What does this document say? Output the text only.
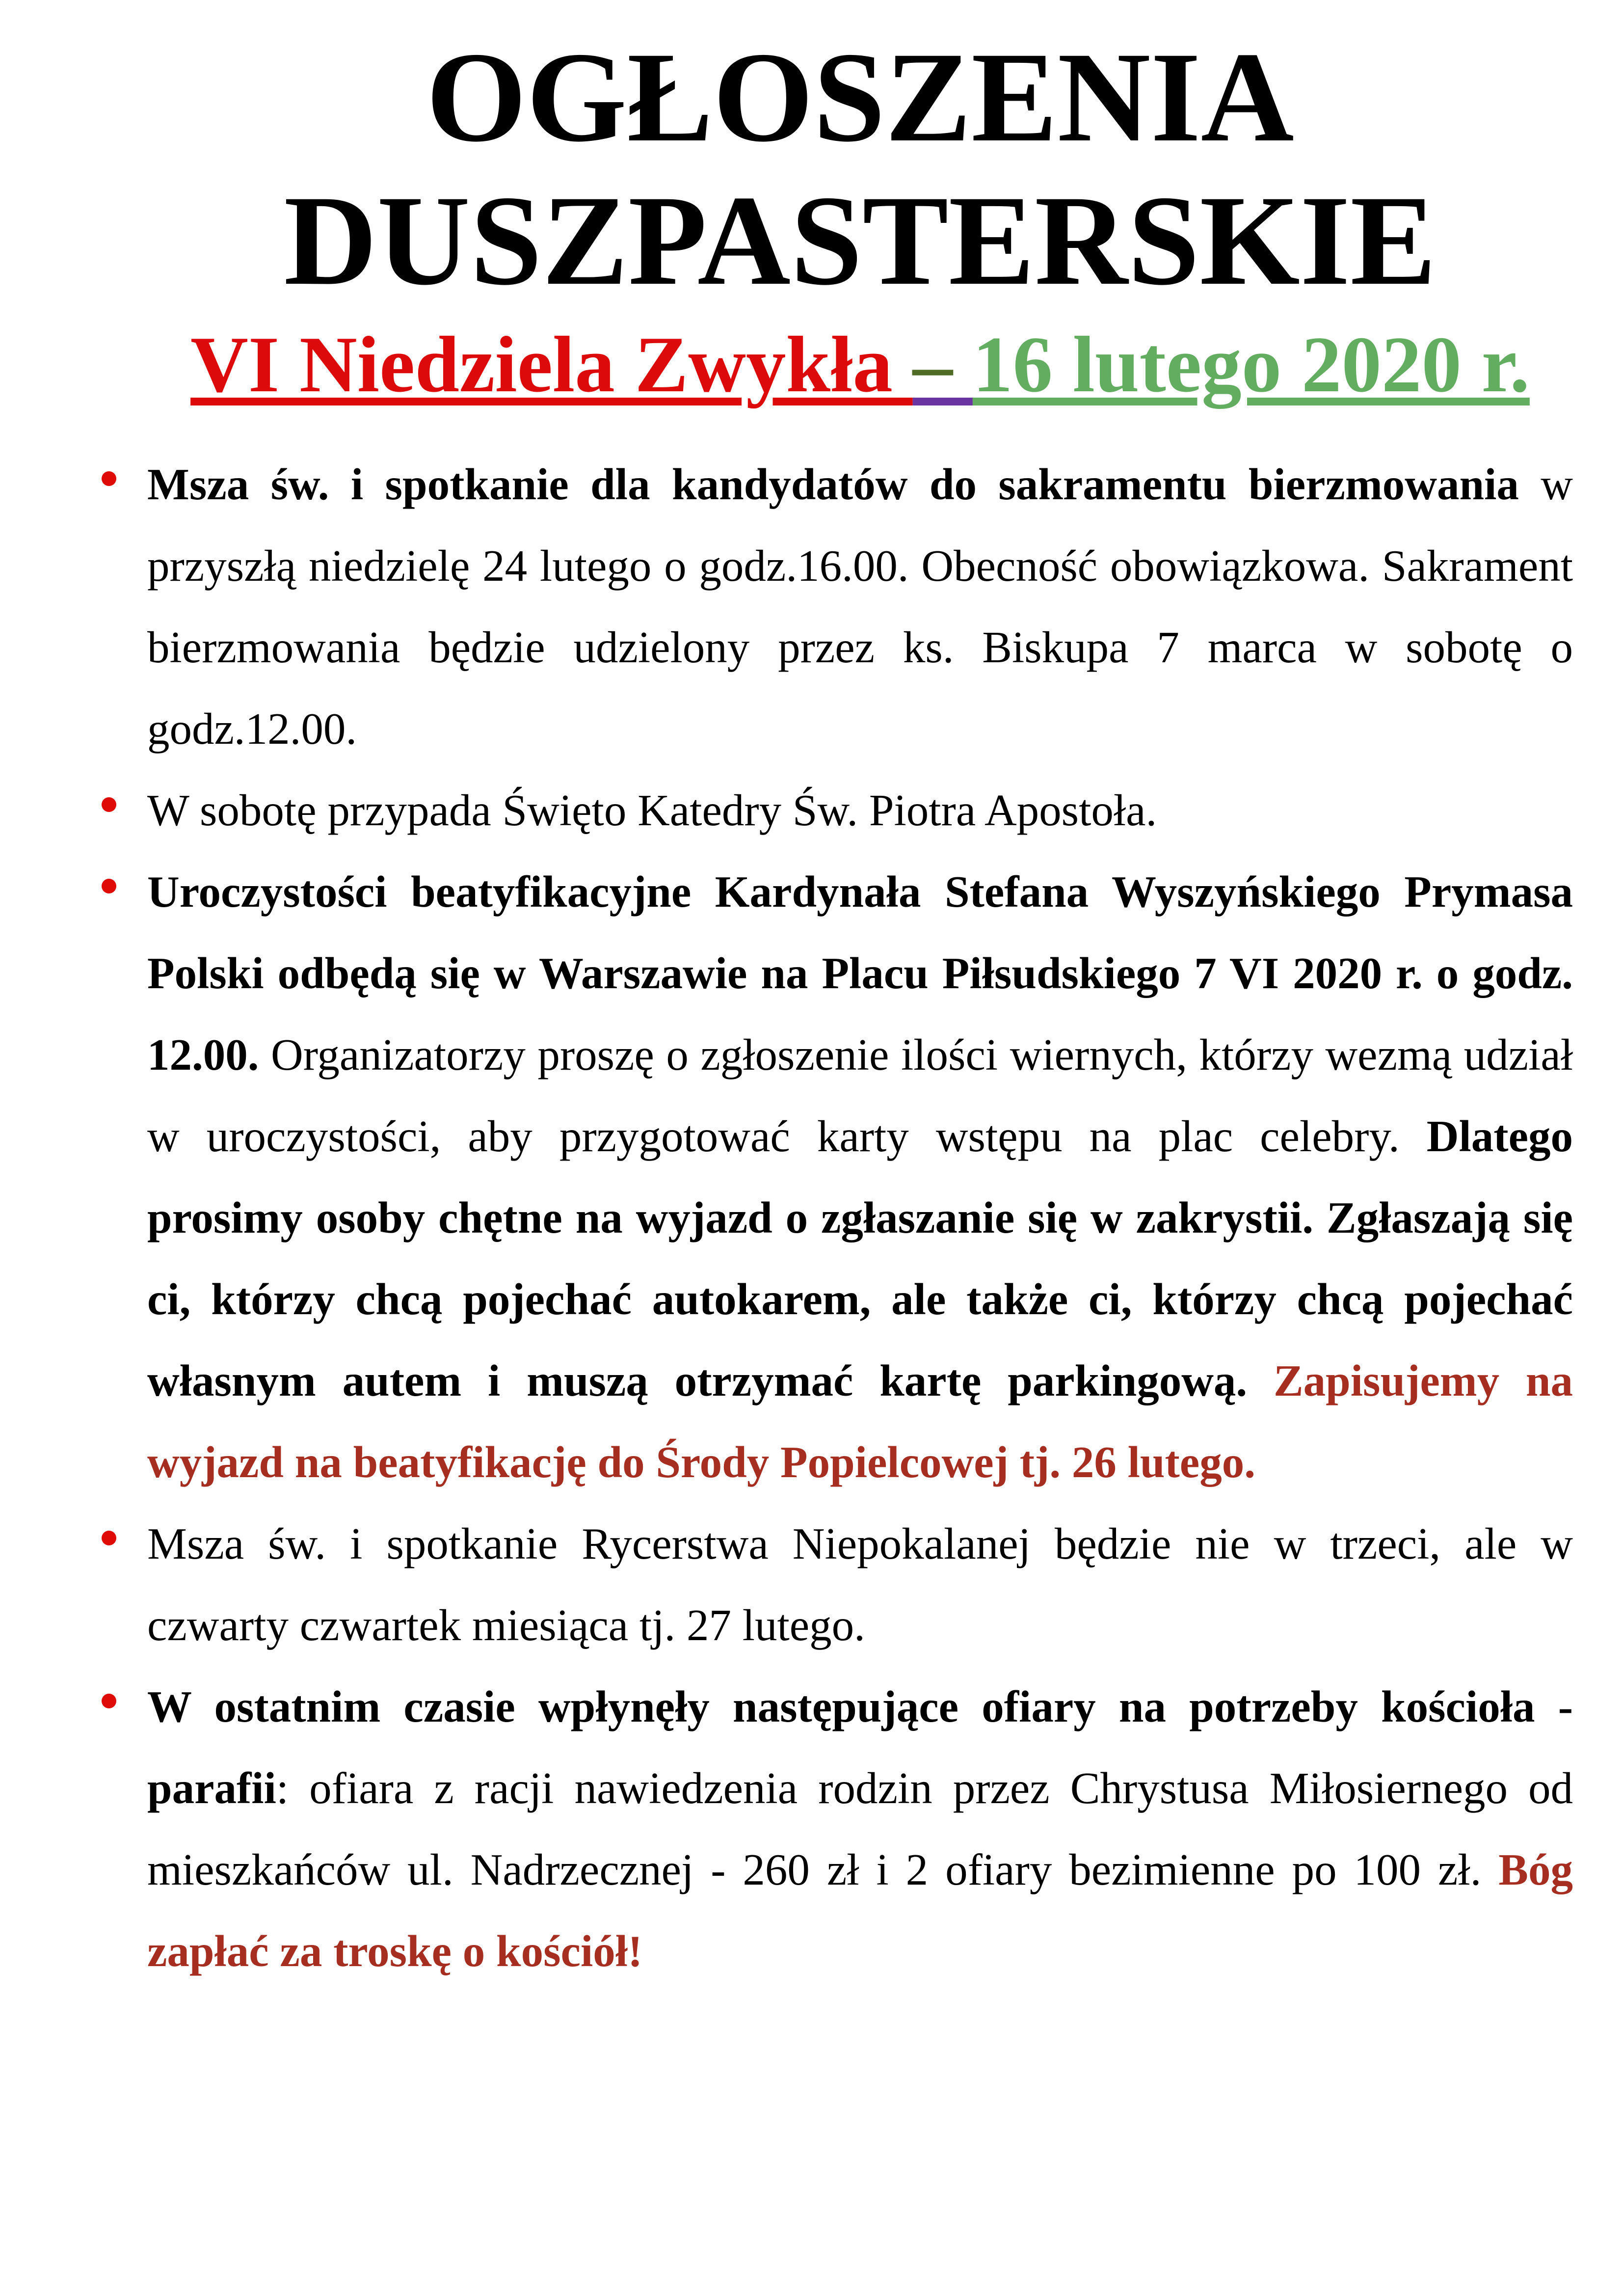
OGŁOSZENIA
DUSZPASTERSKIE
VI Niedziela Zwykła – 16 lutego 2020 r.
Msza św. i spotkanie dla kandydatów do sakramentu bierzmowania w przyszłą niedzielę 24 lutego o godz.16.00. Obecność obowiązkowa. Sakrament bierzmowania będzie udzielony przez ks. Biskupa 7 marca w sobotę o godz.12.00.
W sobotę przypada Święto Katedry Św. Piotra Apostoła.
Uroczystości beatyfikacyjne Kardynała Stefana Wyszyńskiego Prymasa Polski odbędą się w Warszawie na Placu Piłsudskiego 7 VI 2020 r. o godz. 12.00. Organizatorzy proszę o zgłoszenie ilości wiernych, którzy wezmą udział w uroczystości, aby przygotować karty wstępu na plac celebry. Dlatego prosimy osoby chętne na wyjazd o zgłaszanie się w zakrystii. Zgłaszają się ci, którzy chcą pojechać autokarem, ale także ci, którzy chcą pojechać własnym autem i muszą otrzymać kartę parkingową. Zapisujemy na wyjazd na beatyfikację do Środy Popielcowej tj. 26 lutego.
Msza św. i spotkanie Rycerstwa Niepokalanej będzie nie w trzeci, ale w czwarty czwartek miesiąca tj. 27 lutego.
W ostatnim czasie wpłynęły następujące ofiary na potrzeby kościoła - parafii: ofiara z racji nawiedzenia rodzin przez Chrystusa Miłosiernego od mieszkańców ul. Nadrzecznej - 260 zł i 2 ofiary bezimienne po 100 zł. Bóg zapłać za troskę o kościół!
